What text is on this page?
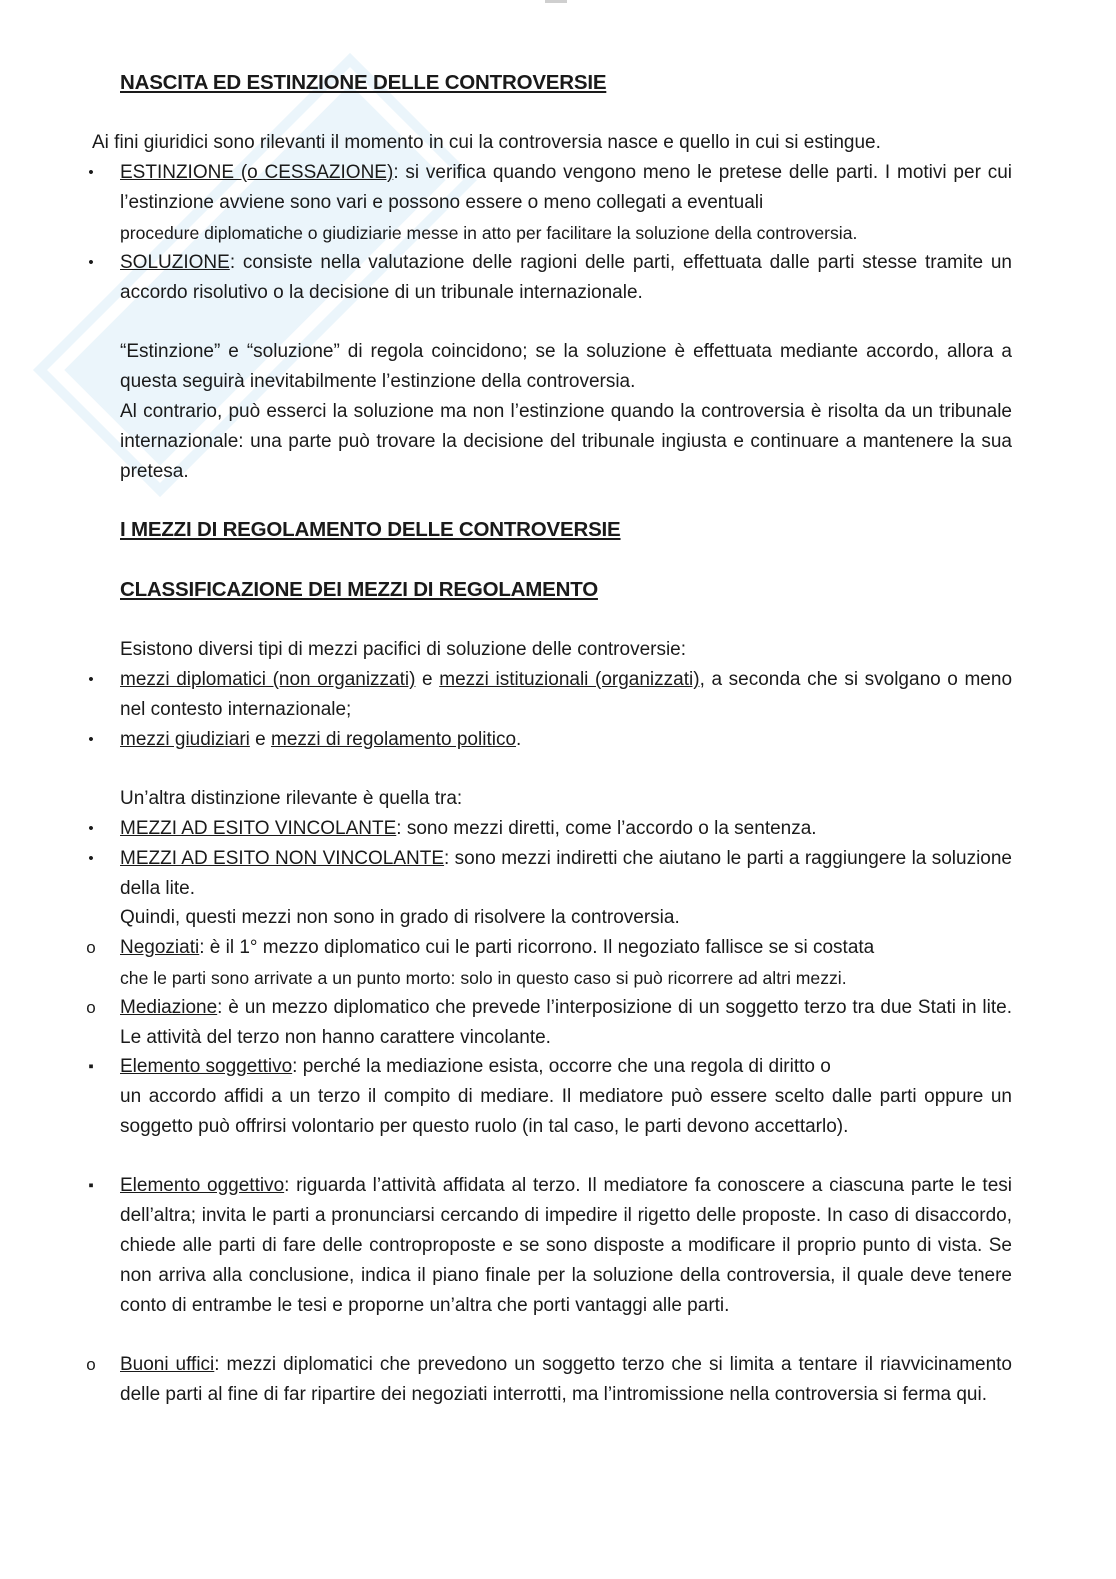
NASCITA ED ESTINZIONE DELLE CONTROVERSIE
Ai fini giuridici sono rilevanti il momento in cui la controversia nasce e quello in cui si estingue.
• ESTINZIONE (o CESSAZIONE): si verifica quando vengono meno le pretese delle parti. I motivi per cui l’estinzione avviene sono vari e possono essere o meno collegati a eventuali
procedure diplomatiche o giudiziarie messe in atto per facilitare la soluzione della controversia.
• SOLUZIONE: consiste nella valutazione delle ragioni delle parti, effettuata dalle parti stesse tramite un accordo risolutivo o la decisione di un tribunale internazionale.
“Estinzione” e “soluzione” di regola coincidono; se la soluzione è effettuata mediante accordo, allora a questa seguirà inevitabilmente l’estinzione della controversia.
Al contrario, può esserci la soluzione ma non l’estinzione quando la controversia è risolta da un tribunale internazionale: una parte può trovare la decisione del tribunale ingiusta e continuare a mantenere la sua pretesa.
I MEZZI DI REGOLAMENTO DELLE CONTROVERSIE
CLASSIFICAZIONE DEI MEZZI DI REGOLAMENTO
Esistono diversi tipi di mezzi pacifici di soluzione delle controversie:
• mezzi diplomatici (non organizzati) e mezzi istituzionali (organizzati), a seconda che si svolgano o meno nel contesto internazionale;
• mezzi giudiziari e mezzi di regolamento politico.
Un’altra distinzione rilevante è quella tra:
• MEZZI AD ESITO VINCOLANTE: sono mezzi diretti, come l’accordo o la sentenza.
• MEZZI AD ESITO NON VINCOLANTE: sono mezzi indiretti che aiutano le parti a raggiungere la soluzione della lite.
Quindi, questi mezzi non sono in grado di risolvere la controversia.
o Negoziati: è il 1° mezzo diplomatico cui le parti ricorrono. Il negoziato fallisce se si costata
che le parti sono arrivate a un punto morto: solo in questo caso si può ricorrere ad altri mezzi.
o Mediazione: è un mezzo diplomatico che prevede l’interposizione di un soggetto terzo tra due Stati in lite. Le attività del terzo non hanno carattere vincolante.
▪ Elemento soggettivo: perché la mediazione esista, occorre che una regola di diritto o
un accordo affidi a un terzo il compito di mediare. Il mediatore può essere scelto dalle parti oppure un soggetto può offrirsi volontario per questo ruolo (in tal caso, le parti devono accettarlo).
▪ Elemento oggettivo: riguarda l’attività affidata al terzo. Il mediatore fa conoscere a ciascuna parte le tesi dell’altra; invita le parti a pronunciarsi cercando di impedire il rigetto delle proposte. In caso di disaccordo, chiede alle parti di fare delle controproposte e se sono disposte a modificare il proprio punto di vista. Se non arriva alla conclusione, indica il piano finale per la soluzione della controversia, il quale deve tenere conto di entrambe le tesi e proporne un’altra che porti vantaggi alle parti.
o Buoni uffici: mezzi diplomatici che prevedono un soggetto terzo che si limita a tentare il riavvicinamento delle parti al fine di far ripartire dei negoziati interrotti, ma l’intromissione nella controversia si ferma qui.
